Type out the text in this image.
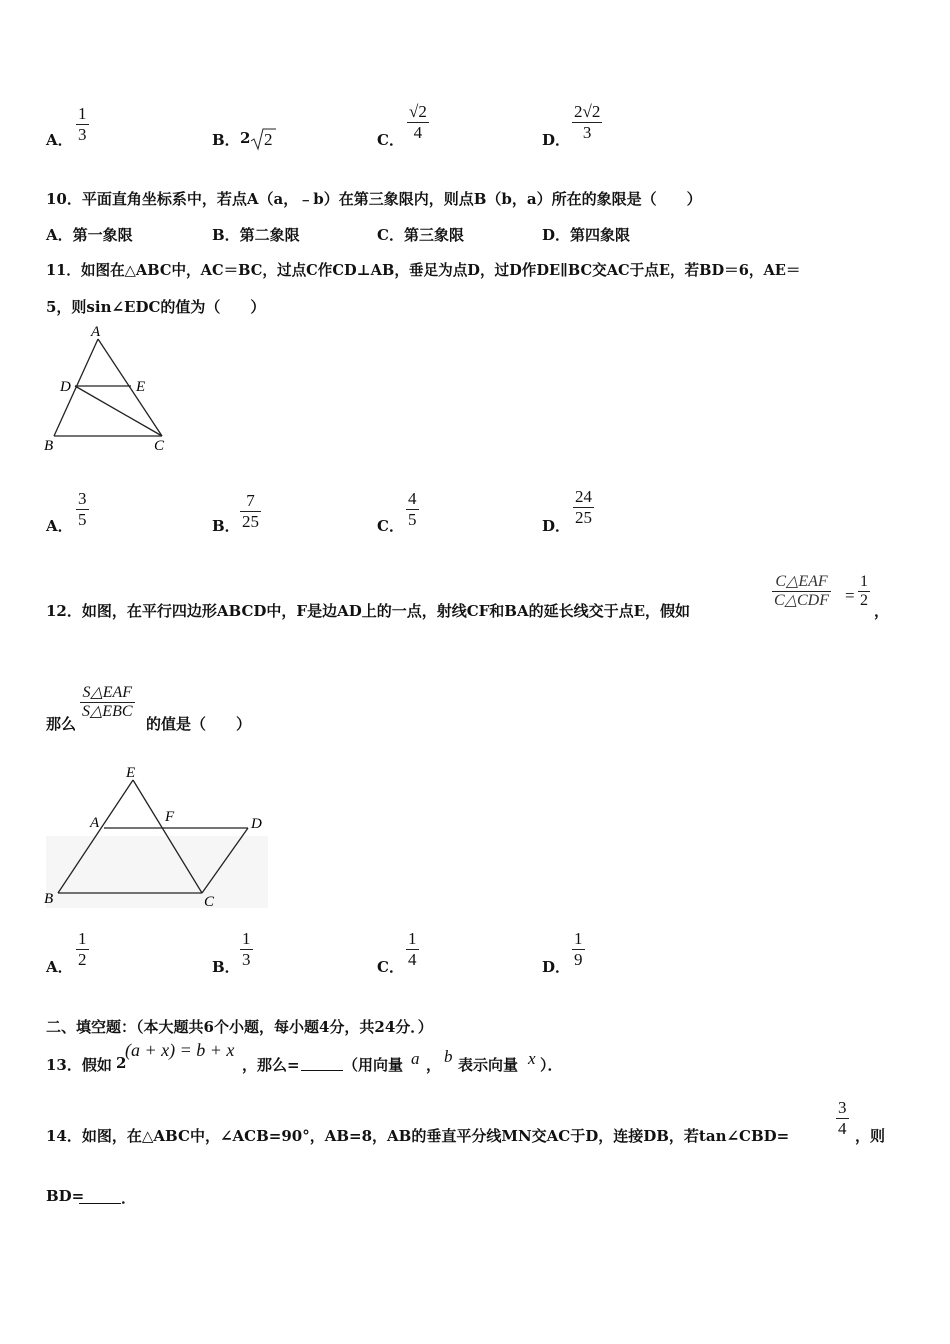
A．
1
3	B． 2 2	C．
√2
4	D．
2√2
3
10．平面直角坐标系中，若点A（a，﹣b）在第三象限内，则点B（b，a）所在的象限是（　　）
A．第一象限	B．第二象限	C．第三象限	D．第四象限
11．如图在△ABC中，AC＝BC，过点C作CD⊥AB，垂足为点D，过D作DE∥BC交AC于点E，若BD＝6，AE＝
5，则sin∠EDC的值为（　　）
A
D	E
B	C
A．
3
5	B．
7
25	C．
4
5	D．
24
25
12．如图，在平行四边形ABCD中，F是边AD上的一点，射线CF和BA的延长线交于点E，假如
C△EAF
C△CDF =
1
2
，
那么
S△EAF
S△EBC
的值是（　　）
E
A	F	D
B	C
A．
1
2	B．
1
3	C．
1
4	D．
1
9
二、填空题：（本大题共6个小题，每小题4分，共24分．）
13．假如 2
(a + x) = b + x
，那么=	（用向量 a ， b 表示向量 x ）．
14．如图，在△ABC中，∠ACB=90°，AB=8，AB的垂直平分线MN交AC于D，连接DB，若tan∠CBD=
3
4 ，则
BD= ．
